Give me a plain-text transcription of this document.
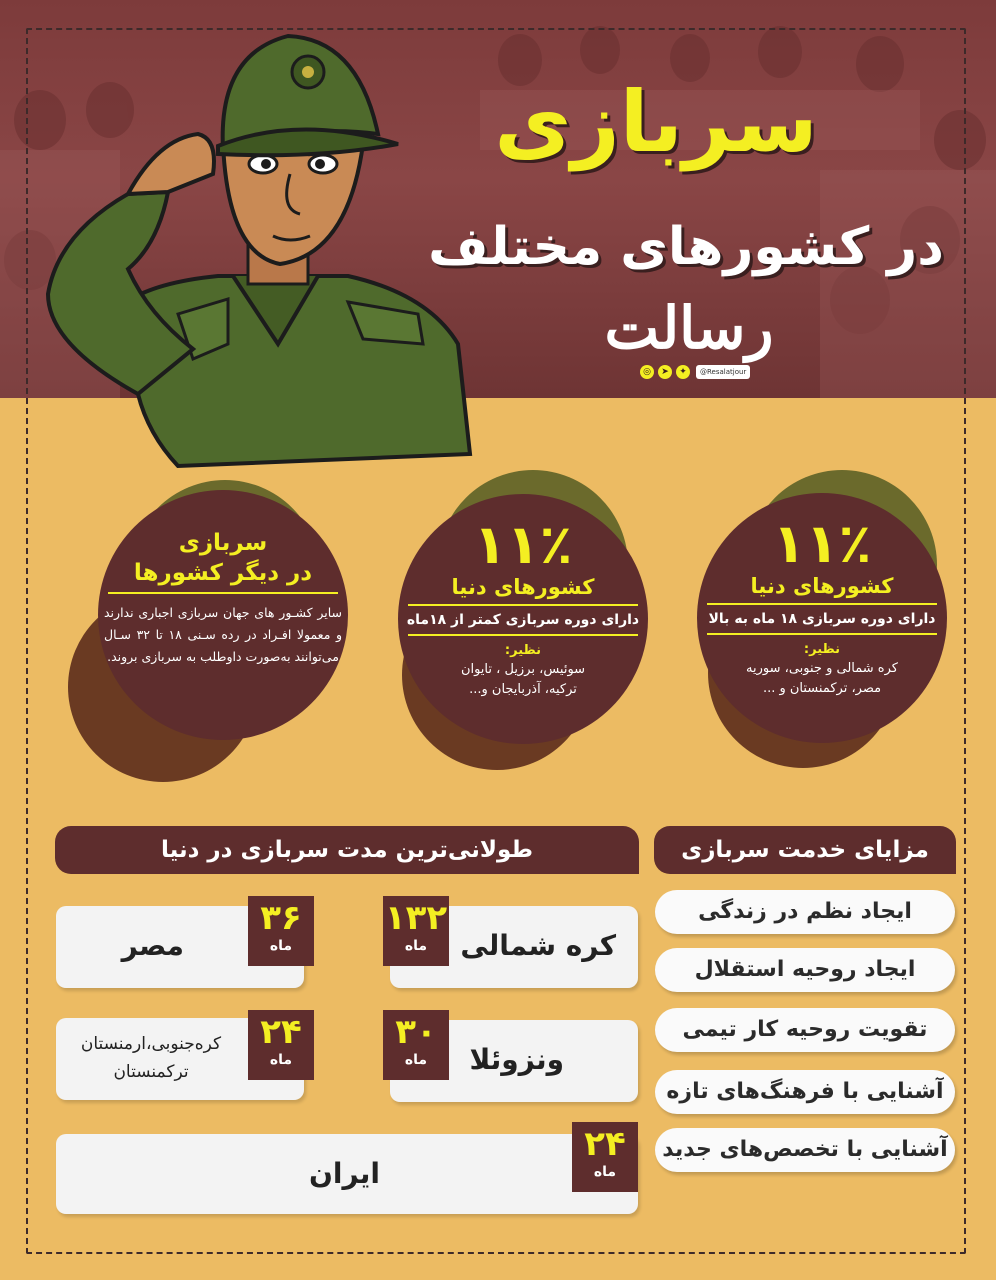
سربازی
در کشورهای مختلف
رسالت
◎	➤	✦	@Resalatjour
۱۱٪
کشورهای دنیا
دارای دوره سربازی ۱۸ ماه به بالا
نظیر:
کره شمالی و جنوبی، سوریه
مصر، ترکمنستان و ...
۱۱٪
کشورهای دنیا
دارای دوره سربازی کمتر از ۱۸ماه
نظیر:
سوئیس، برزیل ، تایوان
ترکیه، آذربایجان و...
سربازی
در دیگر کشورها
سایر کشـور های جهان سربازی اجباری ندارند و معمولا افـراد در رده سـنی ۱۸ تا ۳۲ سـال می‌توانند به‌صورت داوطلب به سربازی بروند.
مزایای خدمت سربازی
ایجاد نظم در زندگی
ایجاد روحیه استقلال
تقویت روحیه کار تیمی
آشنایی با فرهنگ‌های تازه
آشنایی با تخصص‌های جدید
طولانی‌ترین مدت سربازی در دنیا
کره شمالی
۱۳۲
ماه
مصر
۳۶
ماه
ونزوئلا
۳۰
ماه
کره‌جنوبی،ارمنستان
ترکمنستان
۲۴
ماه
ایران
۲۴
ماه
